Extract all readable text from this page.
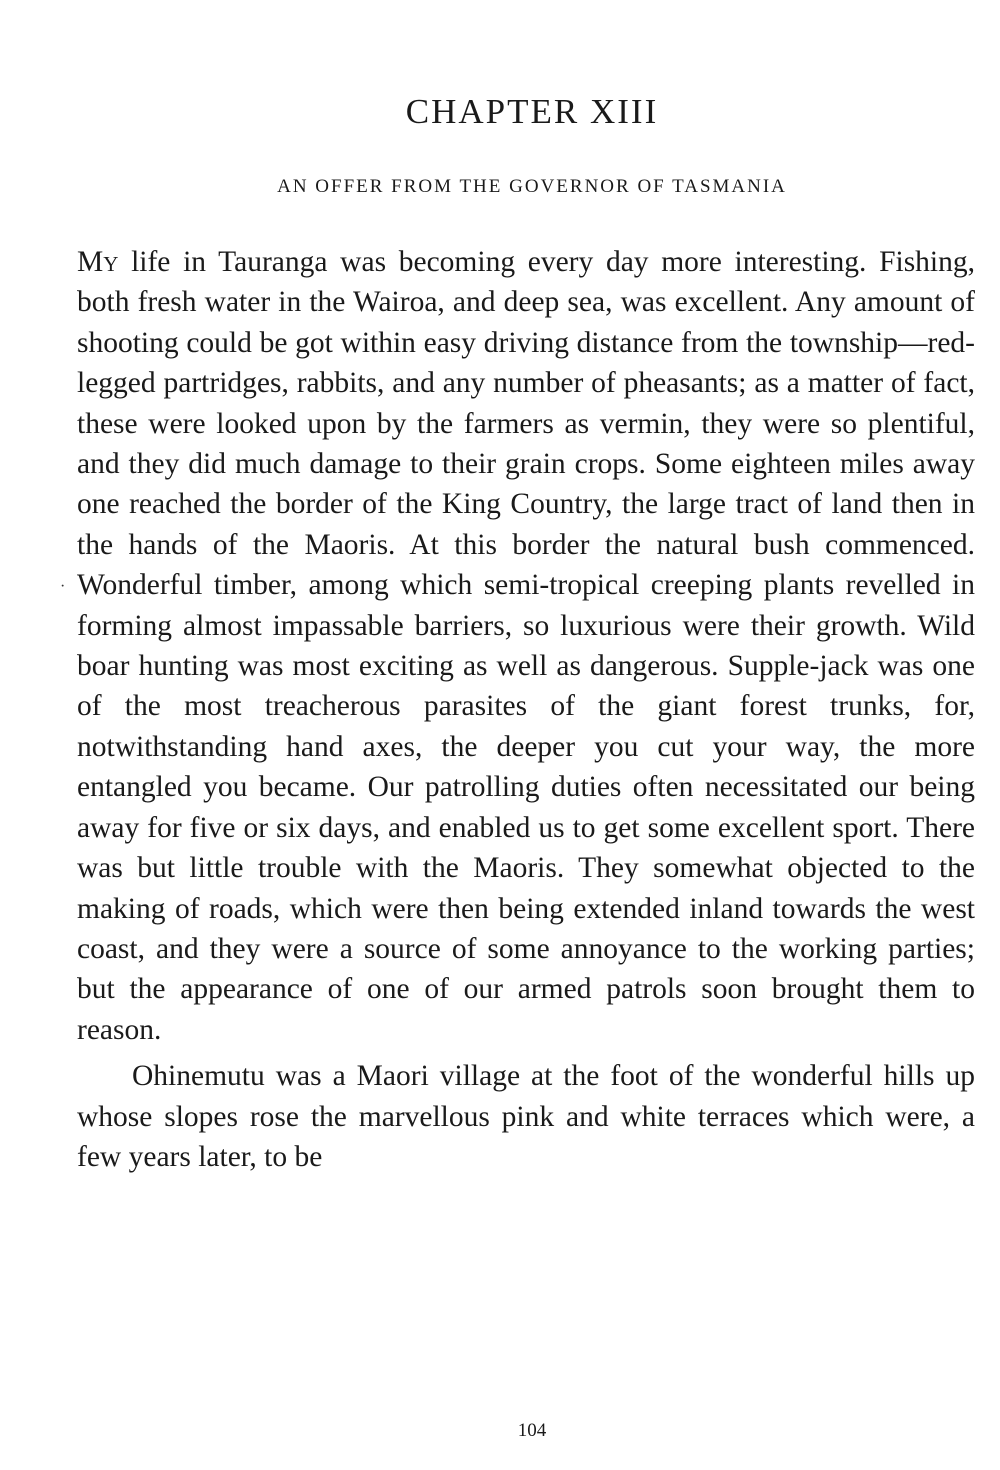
CHAPTER XIII
AN OFFER FROM THE GOVERNOR OF TASMANIA
·

My life in Tauranga was becoming every day more interesting. Fishing, both fresh water in the Wairoa, and deep sea, was excellent. Any amount of shooting could be got within easy driving distance from the township—red-legged partridges, rabbits, and any number of pheasants; as a matter of fact, these were looked upon by the farmers as vermin, they were so plentiful, and they did much damage to their grain crops. Some eighteen miles away one reached the border of the King Country, the large tract of land then in the hands of the Maoris. At this border the natural bush commenced. Wonderful timber, among which semi-tropical creeping plants revelled in forming almost impassable barriers, so luxurious were their growth. Wild boar hunting was most exciting as well as dangerous. Supple-jack was one of the most treacherous parasites of the giant forest trunks, for, notwithstanding hand axes, the deeper you cut your way, the more entangled you became. Our patrolling duties often necessitated our being away for five or six days, and enabled us to get some excellent sport. There was but little trouble with the Maoris. They somewhat objected to the making of roads, which were then being extended inland towards the west coast, and they were a source of some annoyance to the working parties; but the appearance of one of our armed patrols soon brought them to reason.

Ohinemutu was a Maori village at the foot of the wonderful hills up whose slopes rose the marvellous pink and white terraces which were, a few years later, to be

104
